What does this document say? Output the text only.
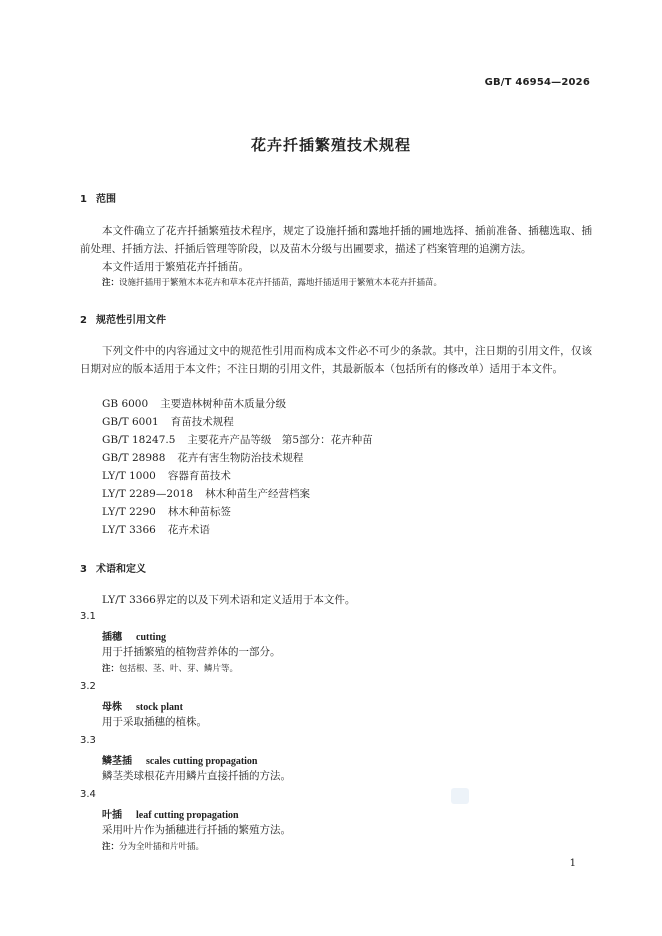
GB/T 46954—2026
花卉扦插繁殖技术规程
1 范围
本文件确立了花卉扦插繁殖技术程序，规定了设施扦插和露地扦插的圃地选择、插前准备、插穗选取、插前处理、扦插方法、扦插后管理等阶段，以及苗木分级与出圃要求，描述了档案管理的追溯方法。
本文件适用于繁殖花卉扦插苗。
注：设施扦插用于繁殖木本花卉和草本花卉扦插苗，露地扦插适用于繁殖木本花卉扦插苗。
2 规范性引用文件
下列文件中的内容通过文中的规范性引用而构成本文件必不可少的条款。其中，注日期的引用文件，仅该日期对应的版本适用于本文件；不注日期的引用文件，其最新版本（包括所有的修改单）适用于本文件。
GB 6000 主要造林树种苗木质量分级
GB/T 6001 育苗技术规程
GB/T 18247.5 主要花卉产品等级　第5部分：花卉种苗
GB/T 28988 花卉有害生物防治技术规程
LY/T 1000 容器育苗技术
LY/T 2289—2018 林木种苗生产经营档案
LY/T 2290 林木种苗标签
LY/T 3366 花卉术语
3 术语和定义
LY/T 3366界定的以及下列术语和定义适用于本文件。
3.1
插穗 cutting
用于扦插繁殖的植物营养体的一部分。
注：包括根、茎、叶、芽、鳞片等。
3.2
母株 stock plant
用于采取插穗的植株。
3.3
鳞茎插 scales cutting propagation
鳞茎类球根花卉用鳞片直接扦插的方法。
3.4
叶插 leaf cutting propagation
采用叶片作为插穗进行扦插的繁殖方法。
注：分为全叶插和片叶插。
1
